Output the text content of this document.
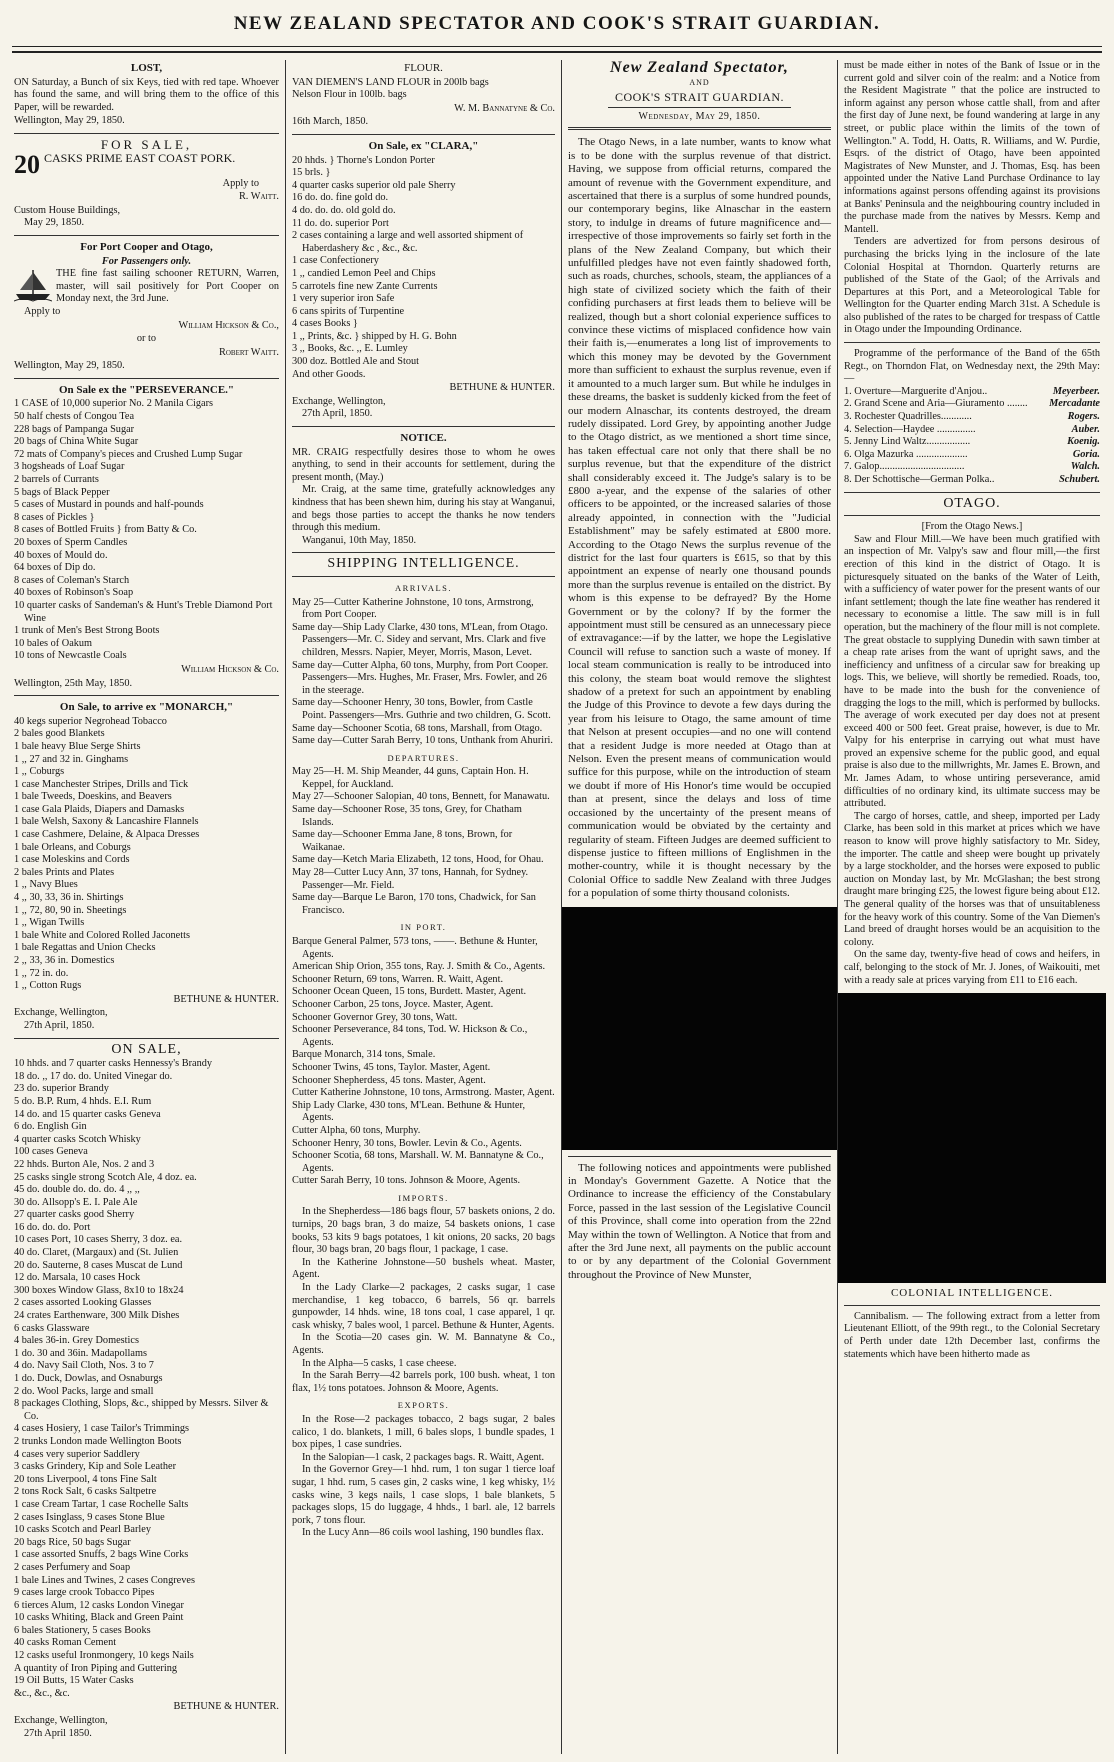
NEW ZEALAND SPECTATOR AND COOK'S STRAIT GUARDIAN.
LOST,

ON Saturday, a Bunch of six Keys, tied with red tape. Whoever has found the same, and will bring them to the office of this Paper, will be rewarded.

Wellington, May 29, 1850.
FOR SALE,
20 CASKS PRIME EAST COAST PORK.
Apply to
R. Waitt.
Custom House Buildings,
May 29, 1850.
For Port Cooper and Otago,
For Passengers only.

THE fine fast sailing schooner RETURN, Warren, master, will sail positively for Port Cooper on Monday next, the 3rd June.

Apply to
William Hickson & Co.,
or to
Robert Waitt.
Wellington, May 29, 1850.
On Sale ex the "PERSEVERANCE."
1 CASE of 10,000 superior No. 2 Manila Cigars
50 half chests of Congou Tea
228 bags of Pampanga Sugar
20 bags of China White Sugar
72 mats of Company's pieces and Crushed Lump Sugar
3 hogsheads of Loaf Sugar
2 barrels of Currants
5 bags of Black Pepper
5 cases of Mustard in pounds and half-pounds
8 cases of Pickles }
8 cases of Bottled Fruits } from Batty & Co.
20 boxes of Sperm Candles
40 boxes of Mould do.
64 boxes of Dip do.
8 cases of Coleman's Starch
40 boxes of Robinson's Soap
10 quarter casks of Sandeman's & Hunt's Treble Diamond Port Wine
1 trunk of Men's Best Strong Boots
10 bales of Oakum
10 tons of Newcastle Coals
William Hickson & Co.
Wellington, 25th May, 1850.
On Sale, to arrive ex "MONARCH,"
40 kegs superior Negrohead Tobacco
2 bales good Blankets
1 bale heavy Blue Serge Shirts
1 ,, 27 and 32 in. Ginghams
1 ,, Coburgs
1 case Manchester Stripes, Drills and Tick
1 bale Tweeds, Doeskins, and Beavers
1 case Gala Plaids, Diapers and Damasks
1 bale Welsh, Saxony & Lancashire Flannels
1 case Cashmere, Delaine, & Alpaca Dresses
1 bale Orleans, and Coburgs
1 case Moleskins and Cords
2 bales Prints and Plates
1 ,, Navy Blues
4 ,, 30, 33, 36 in. Shirtings
1 ,, 72, 80, 90 in. Sheetings
1 ,, Wigan Twills
1 bale White and Colored Rolled Jaconetts
1 bale Regattas and Union Checks
2 ,, 33, 36 in. Domestics
1 ,, 72 in. do.
1 ,, Cotton Rugs
BETHUNE & HUNTER.
Exchange, Wellington,
27th April, 1850.
ON SALE,
10 hhds. and 7 quarter casks Hennessy's Brandy
18 do. ,, 17 do. do. United Vinegar do.
23 do. superior Brandy
5 do. B.P. Rum, 4 hhds. E.I. Rum
14 do. and 15 quarter casks Geneva
6 do. English Gin
4 quarter casks Scotch Whisky
100 cases Geneva
22 hhds. Burton Ale, Nos. 2 and 3
25 casks single strong Scotch Ale, 4 doz. ea.
45 do. double do. do. do. 4 ,, ,,
30 do. Allsopp's E. I. Pale Ale
27 quarter casks good Sherry
16 do. do. do. Port
10 cases Port, 10 cases Sherry, 3 doz. ea.
40 do. Claret, (Margaux) and (St. Julien
20 do. Sauterne, 8 cases Muscat de Lund
12 do. Marsala, 10 cases Hock
300 boxes Window Glass, 8x10 to 18x24
2 cases assorted Looking Glasses
24 crates Earthenware, 300 Milk Dishes
6 casks Glassware
4 bales 36-in. Grey Domestics
1 do. 30 and 36in. Madapollams
4 do. Navy Sail Cloth, Nos. 3 to 7
1 do. Duck, Dowlas, and Osnaburgs
2 do. Wool Packs, large and small
8 packages Clothing, Slops, &c., shipped by Messrs. Silver & Co.
4 cases Hosiery, 1 case Tailor's Trimmings
2 trunks London made Wellington Boots
4 cases very superior Saddlery
3 casks Grindery, Kip and Sole Leather
20 tons Liverpool, 4 tons Fine Salt
2 tons Rock Salt, 6 casks Saltpetre
1 case Cream Tartar, 1 case Rochelle Salts
2 cases Isinglass, 9 cases Stone Blue
10 casks Scotch and Pearl Barley
20 bags Rice, 50 bags Sugar
1 case assorted Snuffs, 2 bags Wine Corks
2 cases Perfumery and Soap
1 bale Lines and Twines, 2 cases Congreves
9 cases large crook Tobacco Pipes
6 tierces Alum, 12 casks London Vinegar
10 casks Whiting, Black and Green Paint
6 bales Stationery, 5 cases Books
40 casks Roman Cement
12 casks useful Ironmongery, 10 kegs Nails
A quantity of Iron Piping and Guttering
19 Oil Butts, 15 Water Casks
&c., &c., &c.
BETHUNE & HUNTER.
Exchange, Wellington,
27th April 1850.
FLOUR.

VAN DIEMEN'S LAND FLOUR in 200lb bags

Nelson Flour in 100lb. bags
W. M. Bannatyne & Co.
16th March, 1850.
On Sale, ex "CLARA,"
20 hhds. } Thorne's London Porter
15 brls. }
4 quarter casks superior old pale Sherry
16 do. do. fine gold do.
4 do. do. do. old gold do.
11 do. do. superior Port
2 cases containing a large and well assorted shipment of Haberdashery &c , &c., &c.
1 case Confectionery
1 ,, candied Lemon Peel and Chips
5 carrotels fine new Zante Currents
1 very superior iron Safe
6 cans spirits of Turpentine
4 cases Books }
1 ,, Prints, &c. } shipped by H. G. Bohn
3 ,, Books, &c. ,, E. Lumley
300 doz. Bottled Ale and Stout
And other Goods.
BETHUNE & HUNTER.
Exchange, Wellington,
27th April, 1850.
NOTICE.

MR. CRAIG respectfully desires those to whom he owes anything, to send in their accounts for settlement, during the present month, (May.)

Mr. Craig, at the same time, gratefully acknowledges any kindness that has been shewn him, during his stay at Wanganui, and begs those parties to accept the thanks he now tenders through this medium.

Wanganui, 10th May, 1850.
SHIPPING INTELLIGENCE.
ARRIVALS.
May 25—Cutter Katherine Johnstone, 10 tons, Armstrong, from Port Cooper.
Same day—Ship Lady Clarke, 430 tons, M'Lean, from Otago. Passengers—Mr. C. Sidey and servant, Mrs. Clark and five children, Messrs. Napier, Meyer, Morris, Mason, Levet.
Same day—Cutter Alpha, 60 tons, Murphy, from Port Cooper. Passengers—Mrs. Hughes, Mr. Fraser, Mrs. Fowler, and 26 in the steerage.
Same day—Schooner Henry, 30 tons, Bowler, from Castle Point. Passengers—Mrs. Guthrie and two children, G. Scott.
Same day—Schooner Scotia, 68 tons, Marshall, from Otago.
Same day—Cutter Sarah Berry, 10 tons, Unthank from Ahuriri.
DEPARTURES.
May 25—H. M. Ship Meander, 44 guns, Captain Hon. H. Keppel, for Auckland.
May 27—Schooner Salopian, 40 tons, Bennett, for Manawatu.
Same day—Schooner Rose, 35 tons, Grey, for Chatham Islands.
Same day—Schooner Emma Jane, 8 tons, Brown, for Waikanae.
Same day—Ketch Maria Elizabeth, 12 tons, Hood, for Ohau.
May 28—Cutter Lucy Ann, 37 tons, Hannah, for Sydney. Passenger—Mr. Field.
Same day—Barque Le Baron, 170 tons, Chadwick, for San Francisco.
IN PORT.
Barque General Palmer, 573 tons, ——. Bethune & Hunter, Agents.
American Ship Orion, 355 tons, Ray. J. Smith & Co., Agents.
Schooner Return, 69 tons, Warren. R. Waitt, Agent.
Schooner Ocean Queen, 15 tons, Burdett. Master, Agent.
Schooner Carbon, 25 tons, Joyce. Master, Agent.
Schooner Governor Grey, 30 tons, Watt.
Schooner Perseverance, 84 tons, Tod. W. Hickson & Co., Agents.
Barque Monarch, 314 tons, Smale.
Schooner Twins, 45 tons, Taylor. Master, Agent.
Schooner Shepherdess, 45 tons. Master, Agent.
Cutter Katherine Johnstone, 10 tons, Armstrong. Master, Agent.
Ship Lady Clarke, 430 tons, M'Lean. Bethune & Hunter, Agents.
Cutter Alpha, 60 tons, Murphy.
Schooner Henry, 30 tons, Bowler. Levin & Co., Agents.
Schooner Scotia, 68 tons, Marshall. W. M. Bannatyne & Co., Agents.
Cutter Sarah Berry, 10 tons. Johnson & Moore, Agents.
IMPORTS.
In the Shepherdess—186 bags flour, 57 baskets onions, 2 do. turnips, 20 bags bran, 3 do maize, 54 baskets onions, 1 case books, 53 kits 9 bags potatoes, 1 kit onions, 20 sacks, 20 bags flour, 30 bags bran, 20 bags flour, 1 package, 1 case.
In the Katherine Johnstone—50 bushels wheat. Master, Agent.
In the Lady Clarke—2 packages, 2 casks sugar, 1 case merchandise, 1 keg tobacco, 6 barrels, 56 qr. barrels gunpowder, 14 hhds. wine, 18 tons coal, 1 case apparel, 1 qr. cask whisky, 7 bales wool, 1 parcel. Bethune & Hunter, Agents.
In the Scotia—20 cases gin. W. M. Bannatyne & Co., Agents.
In the Alpha—5 casks, 1 case cheese.
In the Sarah Berry—42 barrels pork, 100 bush. wheat, 1 ton flax, 1½ tons potatoes. Johnson & Moore, Agents.
EXPORTS.
In the Rose—2 packages tobacco, 2 bags sugar, 2 bales calico, 1 do. blankets, 1 mill, 6 bales slops, 1 bundle spades, 1 box pipes, 1 case sundries.
In the Salopian—1 cask, 2 packages bags. R. Waitt, Agent.
In the Governor Grey—1 hhd. rum, 1 ton sugar 1 tierce loaf sugar, 1 hhd. rum, 5 cases gin, 2 casks wine, 1 keg whisky, 1½ casks wine, 3 kegs nails, 1 case slops, 1 bale blankets, 5 packages slops, 15 do luggage, 4 hhds., 1 barl. ale, 12 barrels pork, 7 tons flour.
In the Lucy Ann—86 coils wool lashing, 190 bundles flax.
New Zealand Spectator,
AND
COOK'S STRAIT GUARDIAN.
Wednesday, May 29, 1850.

The Otago News, in a late number, wants to know what is to be done with the surplus revenue of that district. Having, we suppose from official returns, compared the amount of revenue with the Government expenditure, and ascertained that there is a surplus of some hundred pounds, our contemporary begins, like Alnaschar in the eastern story, to indulge in dreams of future magnificence and—irrespective of those improvements so fairly set forth in the plans of the New Zealand Company, but which their unfulfilled pledges have not even faintly shadowed forth, such as roads, churches, schools, steam, the appliances of a high state of civilized society which the faith of their confiding purchasers at first leads them to believe will be realized, though but a short colonial experience suffices to convince these victims of misplaced confidence how vain their faith is,—enumerates a long list of improvements to which this money may be devoted by the Government more than sufficient to exhaust the surplus revenue, even if it amounted to a much larger sum. But while he indulges in these dreams, the basket is suddenly kicked from the feet of our modern Alnaschar, its contents destroyed, the dream rudely dissipated. Lord Grey, by appointing another Judge to the Otago district, as we mentioned a short time since, has taken effectual care not only that there shall be no surplus revenue, but that the expenditure of the district shall considerably exceed it. The Judge's salary is to be £800 a-year, and the expense of the salaries of other officers to be appointed, or the increased salaries of those already appointed, in connection with the "Judicial Establishment" may be safely estimated at £800 more. According to the Otago News the surplus revenue of the district for the last four quarters is £615, so that by this appointment an expense of nearly one thousand pounds more than the surplus revenue is entailed on the district. By whom is this expense to be defrayed? By the Home Government or by the colony? If by the former the appointment must still be censured as an unnecessary piece of extravagance:—if by the latter, we hope the Legislative Council will refuse to sanction such a waste of money. If local steam communication is really to be introduced into this colony, the steam boat would remove the slightest shadow of a pretext for such an appointment by enabling the Judge of this Province to devote a few days during the year from his leisure to Otago, the same amount of time that Nelson at present occupies—and no one will contend that a resident Judge is more needed at Otago than at Nelson. Even the present means of communication would suffice for this purpose, while on the introduction of steam we doubt if more of His Honor's time would be occupied than at present, since the delays and loss of time occasioned by the uncertainty of the present means of communication would be obviated by the certainty and regularity of steam. Fifteen Judges are deemed sufficient to dispense justice to fifteen millions of Englishmen in the mother-country, while it is thought necessary by the Colonial Office to saddle New Zealand with three Judges for a population of some thirty thousand colonists.

The following notices and appointments were published in Monday's Government Gazette. A Notice that the Ordinance to increase the efficiency of the Constabulary Force, passed in the last session of the Legislative Council of this Province, shall come into operation from the 22nd May within the town of Wellington. A Notice that from and after the 3rd June next, all payments on the public account to or by any department of the Colonial Government throughout the Province of New Munster,

must be made either in notes of the Bank of Issue or in the current gold and silver coin of the realm: and a Notice from the Resident Magistrate " that the police are instructed to inform against any person whose cattle shall, from and after the first day of June next, be found wandering at large in any street, or public place within the limits of the town of Wellington." A. Todd, H. Oatts, R. Williams, and W. Purdie, Esqrs. of the district of Otago, have been appointed Magistrates of New Munster, and J. Thomas, Esq. has been appointed under the Native Land Purchase Ordinance to lay informations against persons offending against its provisions at Banks' Peninsula and the neighbouring country included in the purchase made from the natives by Messrs. Kemp and Mantell.

Tenders are advertized for from persons desirous of purchasing the bricks lying in the inclosure of the late Colonial Hospital at Thorndon. Quarterly returns are published of the State of the Gaol; of the Arrivals and Departures at this Port, and a Meteorological Table for Wellington for the Quarter ending March 31st. A Schedule is also published of the rates to be charged for trespass of Cattle in Otago under the Impounding Ordinance.

Programme of the performance of the Band of the 65th Regt., on Thorndon Flat, on Wednesday next, the 29th May:—

1. Overture—Marguerite d'Anjou..	Meyerbeer.
2. Grand Scene and Aria—Giuramento ........ Mercadante
3. Rochester Quadrilles............	Rogers.
4. Selection—Haydee ...............	Auber.
5. Jenny Lind Waltz.................	Koenig.
6. Olga Mazurka ....................	Goria.
7. Galop.................................	Walch.
8. Der Schottische—German Polka..	Schubert.
OTAGO.
[From the Otago News.]

Saw and Flour Mill.—We have been much gratified with an inspection of Mr. Valpy's saw and flour mill,—the first erection of this kind in the district of Otago. It is picturesquely situated on the banks of the Water of Leith, with a sufficiency of water power for the present wants of our infant settlement; though the late fine weather has rendered it necessary to economise a little. The saw mill is in full operation, but the machinery of the flour mill is not complete. The great obstacle to supplying Dunedin with sawn timber at a cheap rate arises from the want of upright saws, and the inefficiency and unfitness of a circular saw for breaking up logs. This, we believe, will shortly be remedied. Roads, too, have to be made into the bush for the convenience of dragging the logs to the mill, which is performed by bullocks. The average of work executed per day does not at present exceed 400 or 500 feet. Great praise, however, is due to Mr. Valpy for his enterprise in carrying out what must have proved an expensive scheme for the public good, and equal praise is also due to the millwrights, Mr. James E. Brown, and Mr. James Adam, to whose untiring perseverance, amid difficulties of no ordinary kind, its ultimate success may be attributed.

The cargo of horses, cattle, and sheep, imported per Lady Clarke, has been sold in this market at prices which we have reason to know will prove highly satisfactory to Mr. Sidey, the importer. The cattle and sheep were bought up privately by a large stockholder, and the horses were exposed to public auction on Monday last, by Mr. McGlashan; the best strong draught mare bringing £25, the lowest figure being about £12. The general quality of the horses was that of unsuitableness for the heavy work of this country. Some of the Van Diemen's Land breed of draught horses would be an acquisition to the colony.

On the same day, twenty-five head of cows and heifers, in calf, belonging to the stock of Mr. J. Jones, of Waikouiti, met with a ready sale at prices varying from £11 to £16 each.

COLONIAL INTELLIGENCE.

Cannibalism. — The following extract from a letter from Lieutenant Elliott, of the 99th regt., to the Colonial Secretary of Perth under date 12th December last, confirms the statements which have been hitherto made as
